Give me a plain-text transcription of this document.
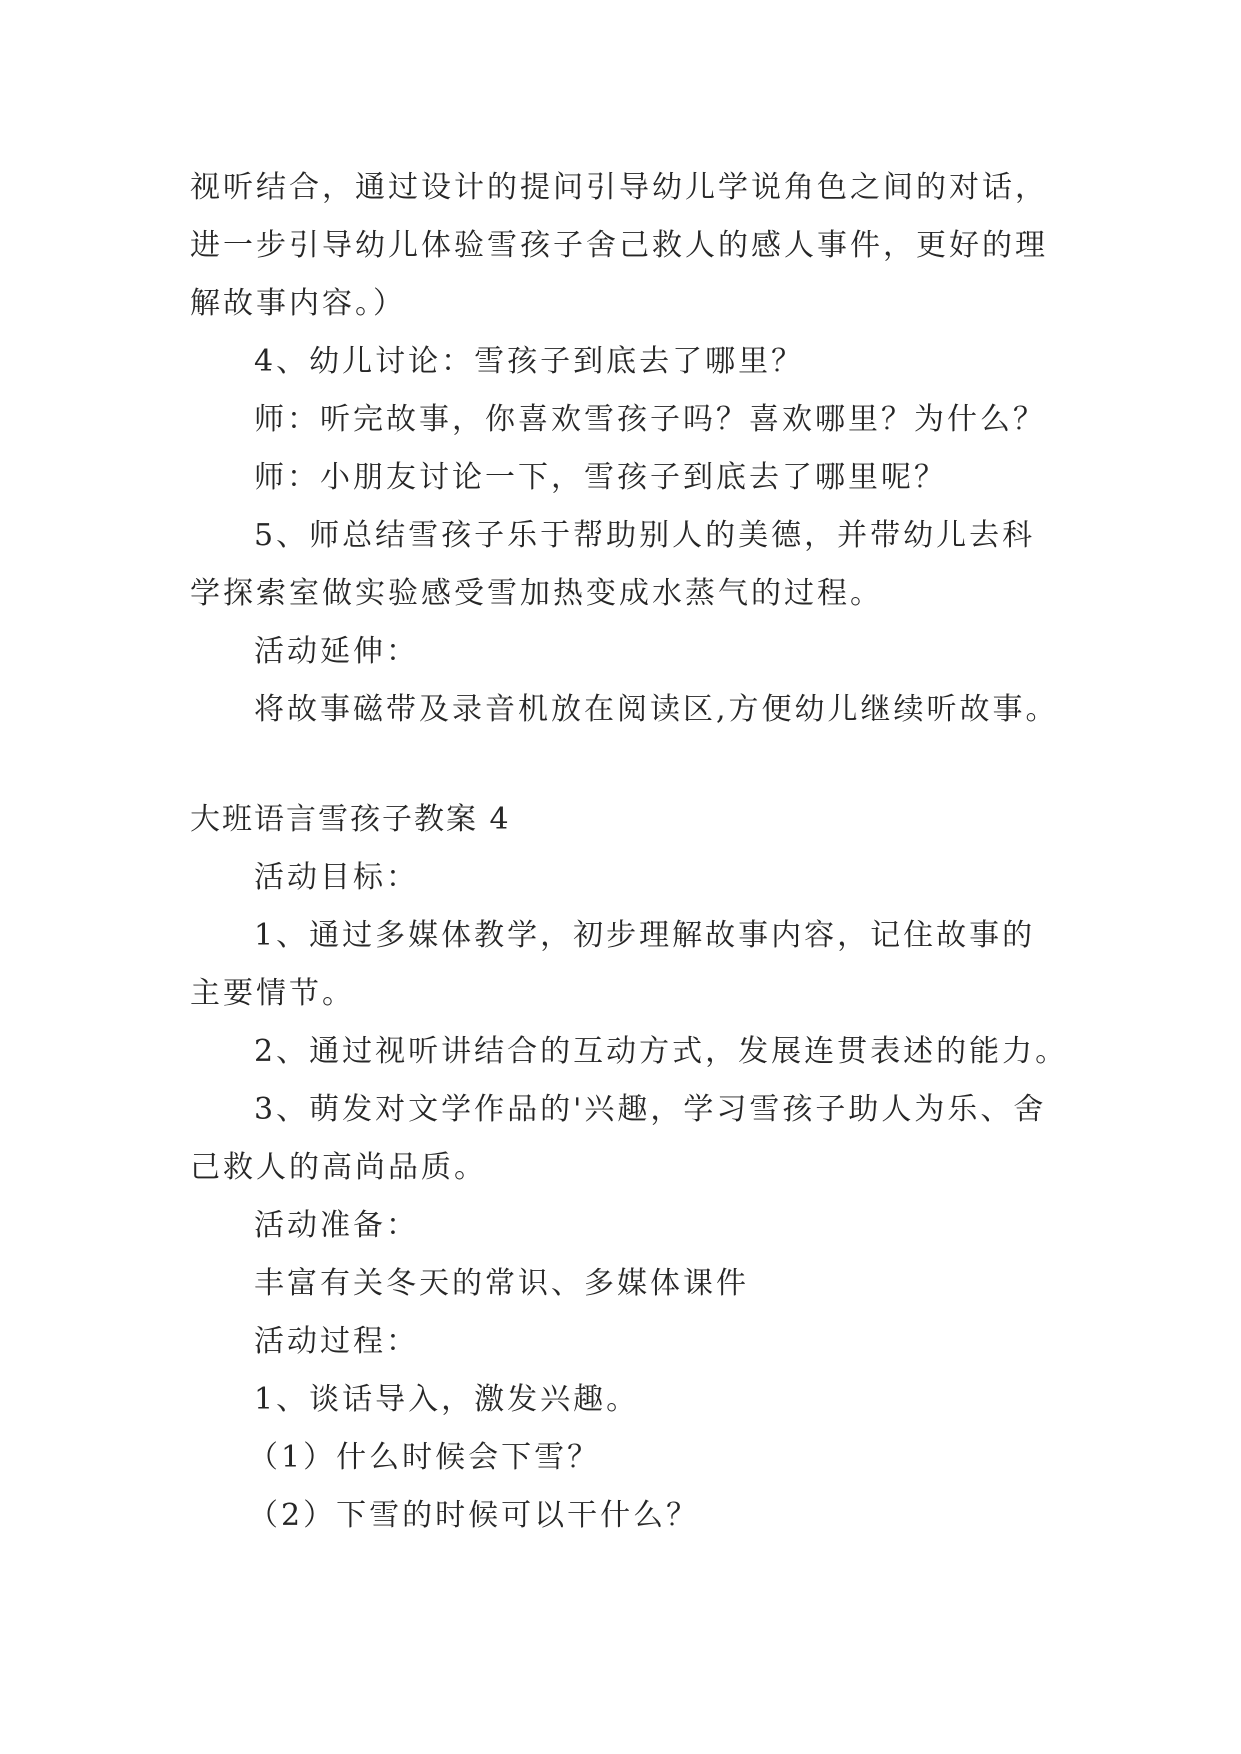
视听结合，通过设计的提问引导幼儿学说角色之间的对话，
进一步引导幼儿体验雪孩子舍己救人的感人事件，更好的理
解故事内容。）
4、幼儿讨论：雪孩子到底去了哪里？
师：听完故事，你喜欢雪孩子吗？喜欢哪里？为什么？
师：小朋友讨论一下，雪孩子到底去了哪里呢？
5、师总结雪孩子乐于帮助别人的美德，并带幼儿去科
学探索室做实验感受雪加热变成水蒸气的过程。
活动延伸：
将故事磁带及录音机放在阅读区,方便幼儿继续听故事。
大班语言雪孩子教案 4
活动目标：
1、通过多媒体教学，初步理解故事内容，记住故事的
主要情节。
2、通过视听讲结合的互动方式，发展连贯表述的能力。
3、萌发对文学作品的'兴趣，学习雪孩子助人为乐、舍
己救人的高尚品质。
活动准备：
丰富有关冬天的常识、多媒体课件
活动过程：
1、谈话导入，激发兴趣。
（1）什么时候会下雪？
（2）下雪的时候可以干什么？
